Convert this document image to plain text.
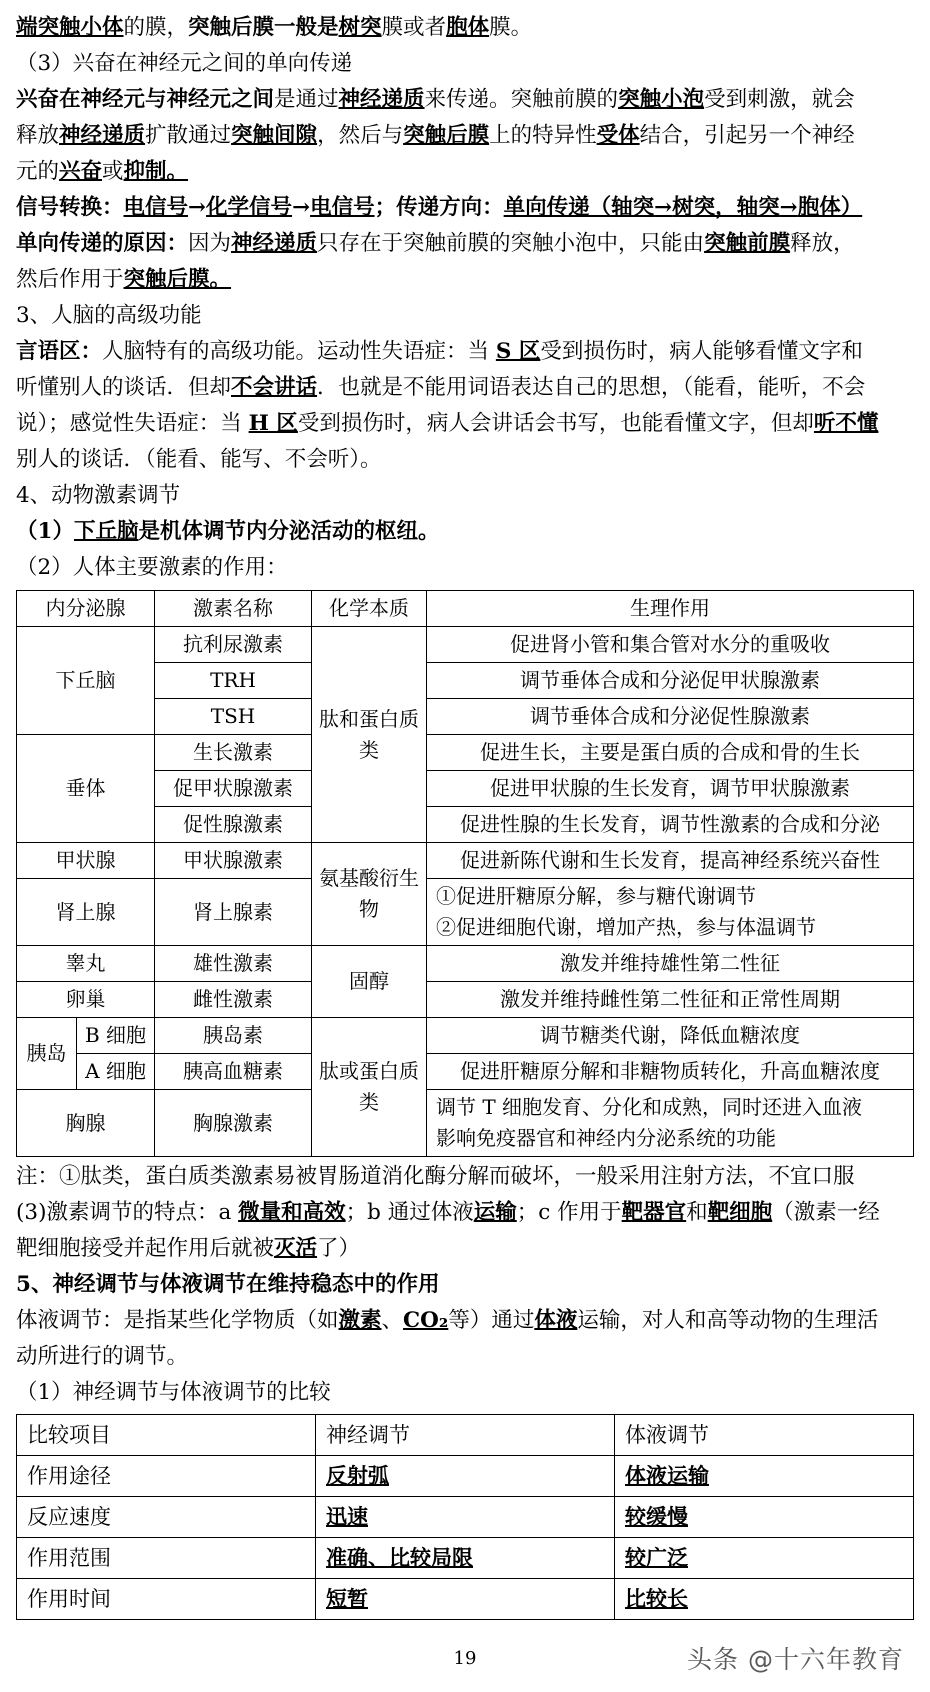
端突触小体的膜，突触后膜一般是树突膜或者胞体膜。

（3）兴奋在神经元之间的单向传递

兴奋在神经元与神经元之间是通过神经递质来传递。突触前膜的突触小泡受到刺激，就会

释放神经递质扩散通过突触间隙，然后与突触后膜上的特异性受体结合，引起另一个神经

元的兴奋或抑制。

信号转换：电信号→化学信号→电信号；传递方向：单向传递（轴突→树突，轴突→胞体）

单向传递的原因：因为神经递质只存在于突触前膜的突触小泡中，只能由突触前膜释放，

然后作用于突触后膜。

3、人脑的高级功能

言语区：人脑特有的高级功能。运动性失语症：当 S 区受到损伤时，病人能够看懂文字和

听懂别人的谈话．但却不会讲话．也就是不能用词语表达自己的思想，（能看，能听，不会

说）；感觉性失语症：当 H 区受到损伤时，病人会讲话会书写，也能看懂文字，但却听不懂

别人的谈话．（能看、能写、不会听）。

4、动物激素调节

（1）下丘脑是机体调节内分泌活动的枢纽。

（2）人体主要激素的作用：

内分泌腺		激素名称	化学本质	生理作用
下丘脑		抗利尿激素	肽和蛋白质类	促进肾小管和集合管对水分的重吸收
		TRH		调节垂体合成和分泌促甲状腺激素
		TSH		调节垂体合成和分泌促性腺激素
垂体		生长激素		促进生长，主要是蛋白质的合成和骨的生长
		促甲状腺激素		促进甲状腺的生长发育，调节甲状腺激素
		促性腺激素		促进性腺的生长发育，调节性激素的合成和分泌
甲状腺		甲状腺激素	氨基酸衍生物	促进新陈代谢和生长发育，提高神经系统兴奋性
肾上腺		肾上腺素		①促进肝糖原分解，参与糖代谢调节
②促进细胞代谢，增加产热，参与体温调节

睾丸		雄性激素	固醇	激发并维持雄性第二性征
卵巢		雌性激素		激发并维持雌性第二性征和正常性周期
胰岛	B 细胞	胰岛素	肽或蛋白质类	调节糖类代谢，降低血糖浓度
	A 细胞	胰高血糖素		促进肝糖原分解和非糖物质转化，升高血糖浓度
胸腺		胸腺激素		调节 T 细胞发育、分化和成熟，同时还进入血液
影响免疫器官和神经内分泌系统的功能

注：①肽类，蛋白质类激素易被胃肠道消化酶分解而破坏，一般采用注射方法，不宜口服

(3)激素调节的特点：a 微量和高效；b 通过体液运输；c 作用于靶器官和靶细胞（激素一经

靶细胞接受并起作用后就被灭活了）

5、神经调节与体液调节在维持稳态中的作用

体液调节：是指某些化学物质（如激素、CO₂等）通过体液运输，对人和高等动物的生理活

动所进行的调节。

（1）神经调节与体液调节的比较

比较项目	神经调节	体液调节
作用途径	反射弧	体液运输
反应速度	迅速	较缓慢
作用范围	准确、比较局限	较广泛
作用时间	短暂	比较长
19	头条 @十六年教育
